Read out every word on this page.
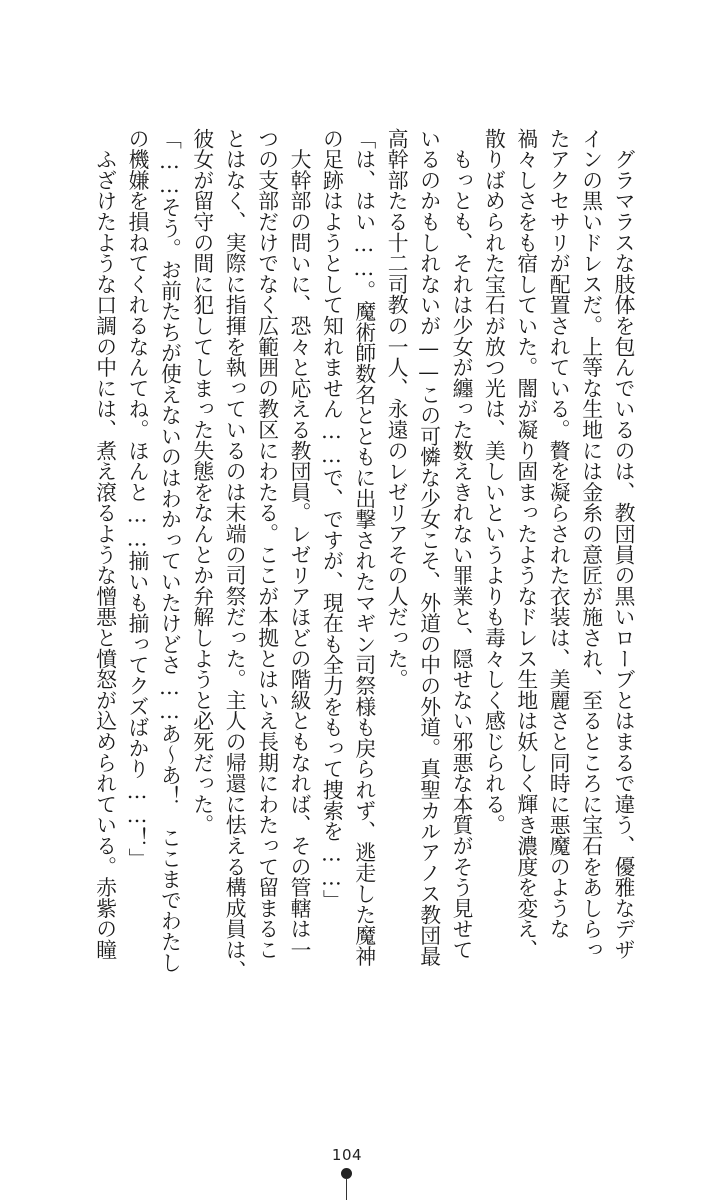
　グラマラスな肢体を包んでいるのは、教団員の黒いローブとはまるで違う、優雅なデザ
インの黒いドレスだ。上等な生地には金糸の意匠が施され、至るところに宝石をあしらっ
たアクセサリが配置されている。贅を凝らされた衣装は、美麗さと同時に悪魔のような
禍々しさをも宿していた。闇が凝り固まったようなドレス生地は妖しく輝き濃度を変え、
散りばめられた宝石が放つ光は、美しいというよりも毒々しく感じられる。
　もっとも、それは少女が纏った数えきれない罪業と、隠せない邪悪な本質がそう見せて
いるのかもしれないが——この可憐な少女こそ、外道の中の外道。真聖カルアノス教団最
高幹部たる十二司教の一人、永遠のレゼリアその人だった。
「は、はい……。魔術師数名とともに出撃されたマギン司祭様も戻られず、逃走した魔神
の足跡はようとして知れません……で、ですが、現在も全力をもって捜索を……」
　大幹部の問いに、恐々と応える教団員。レゼリアほどの階級ともなれば、その管轄は一
つの支部だけでなく広範囲の教区にわたる。ここが本拠とはいえ長期にわたって留まるこ
とはなく、実際に指揮を執っているのは末端の司祭だった。主人の帰還に怯える構成員は、
彼女が留守の間に犯してしまった失態をなんとか弁解しようと必死だった。
「……そう。お前たちが使えないのはわかっていたけどさ……あ〜あ！　ここまでわたし
の機嫌を損ねてくれるなんてね。ほんと……揃いも揃ってクズばかり……！」
　ふざけたような口調の中には、煮え滾るような憎悪と憤怒が込められている。赤紫の瞳
104
